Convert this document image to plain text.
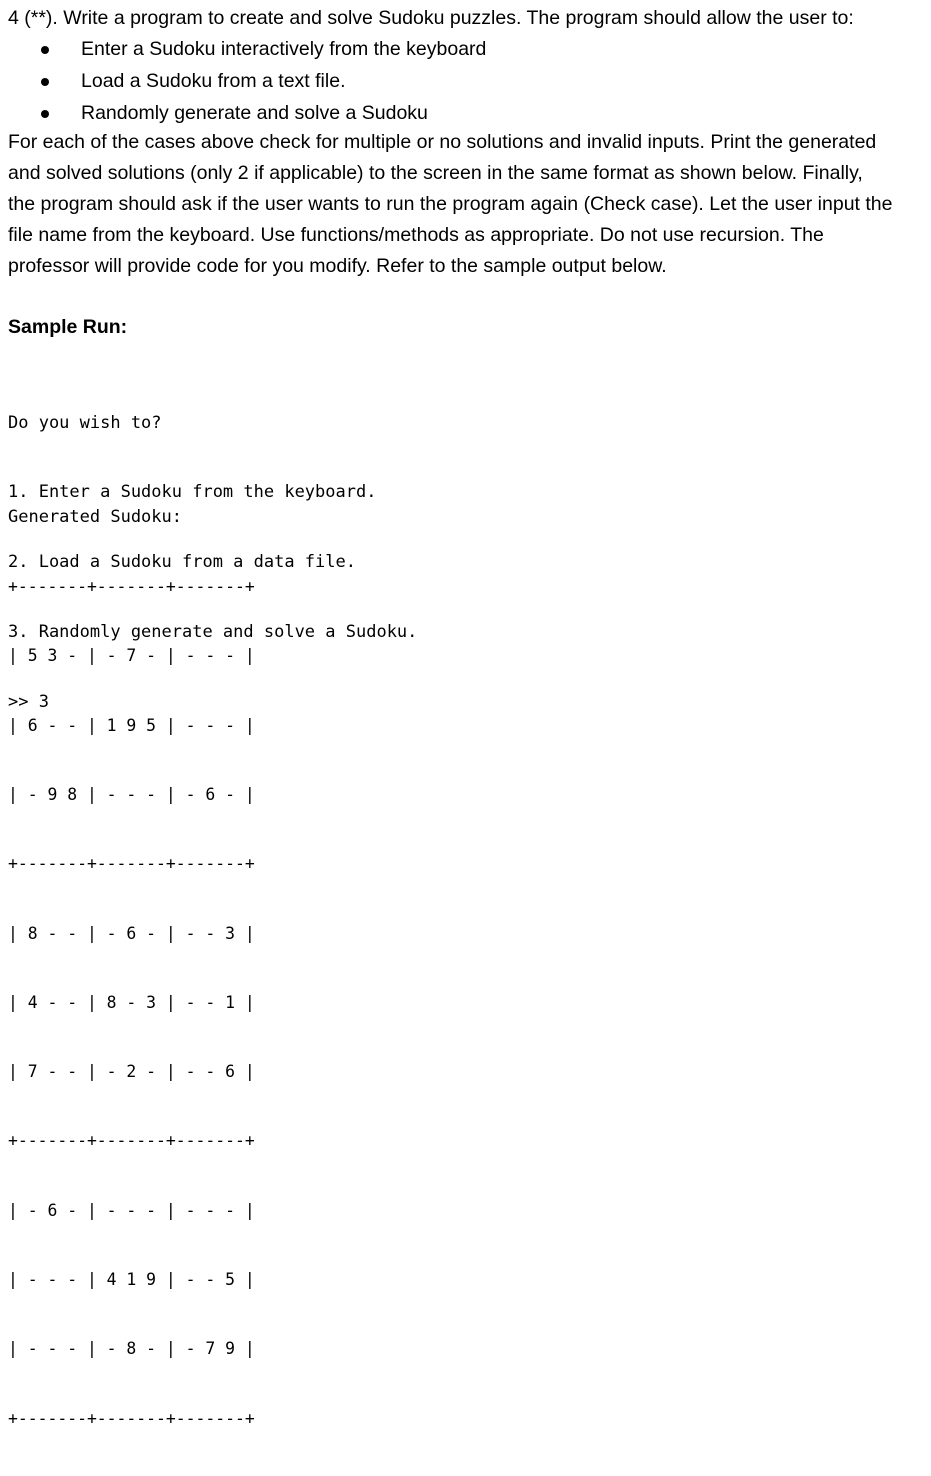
4 (**). Write a program to create and solve Sudoku puzzles. The program should allow the user to:
Enter a Sudoku interactively from the keyboard
Load a Sudoku from a text file.
Randomly generate and solve a Sudoku

For each of the cases above check for multiple or no solutions and invalid inputs. Print the generated
and solved solutions (only 2 if applicable) to the screen in the same format as shown below. Finally,
the program should ask if the user wants to run the program again (Check case). Let the user input the
file name from the keyboard. Use functions/methods as appropriate. Do not use recursion. The
professor will provide code for you modify. Refer to the sample output below.

Sample Run:

Do you wish to?

1. Enter a Sudoku from the keyboard.

2. Load a Sudoku from a data file.

3. Randomly generate and solve a Sudoku.

>> 3

Generated Sudoku:

+-------+-------+-------+

| 5 3 - | - 7 - | - - - |

| 6 - - | 1 9 5 | - - - |

| - 9 8 | - - - | - 6 - |

+-------+-------+-------+

| 8 - - | - 6 - | - - 3 |

| 4 - - | 8 - 3 | - - 1 |

| 7 - - | - 2 - | - - 6 |

+-------+-------+-------+

| - 6 - | - - - | - - - |

| - - - | 4 1 9 | - - 5 |

| - - - | - 8 - | - 7 9 |

+-------+-------+-------+
